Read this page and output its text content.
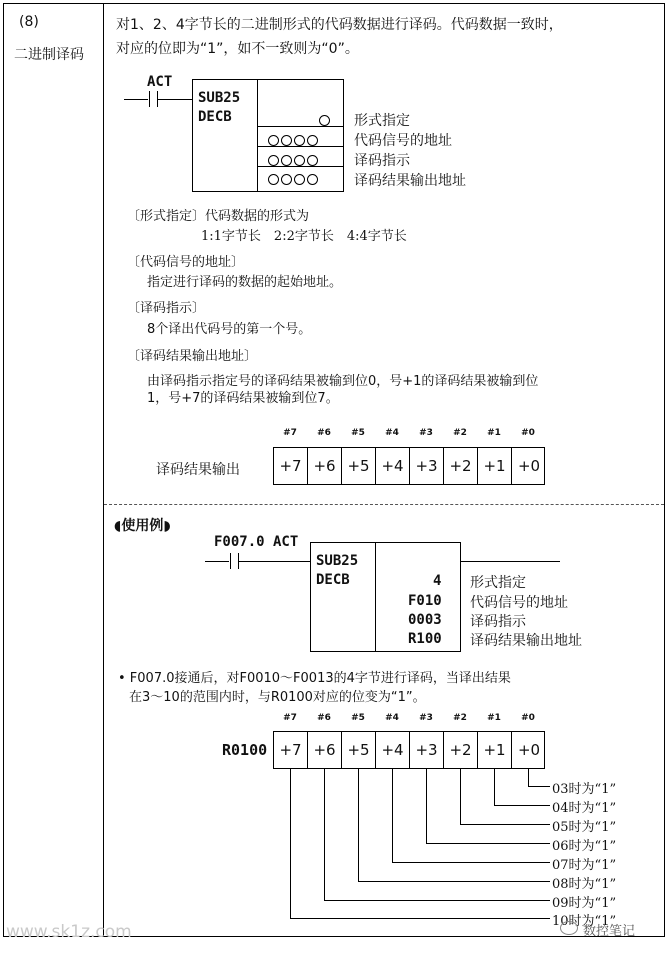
(8)
二进制译码
对1、2、4字节长的二进制形式的代码数据进行译码。代码数据一致时，
对应的位即为“1”，如不一致则为“0”。
ACT
SUB25
DECB	形式指定
代码信号的地址
译码指示
译码结果输出地址
〔形式指定〕代码数据的形式为
1:1字节长　2:2字节长　4:4字节长
〔代码信号的地址〕
指定进行译码的数据的起始地址。
〔译码指示〕
8个译出代码号的第一个号。
〔译码结果输出地址〕
由译码指示指定号的译码结果被输到位0，号+1的译码结果被输到位
1，号+7的译码结果被输到位7。
译码结果输出
#7	#6	#5	#4	#3	#2	#1	#0
+7 +6 +5 +4 +3 +2 +1 +0
◖使用例◗
F007.0 ACT
SUB25
DECB	4
F010
0003
R100
形式指定
代码信号的地址
译码指示
译码结果输出地址
• F007.0接通后，对F0010～F0013的4字节进行译码，当译出结果
在3～10的范围内时，与R0100对应的位变为“1”。
R0100
#7	#6	#5	#4	#3	#2	#1	#0
+7 +6 +5 +4 +3 +2 +1 +0
03时为“1”
04时为“1”
05时为“1”
06时为“1”
07时为“1”
08时为“1”
09时为“1”
10时为“1”
www.sk1z.com	数控笔记
